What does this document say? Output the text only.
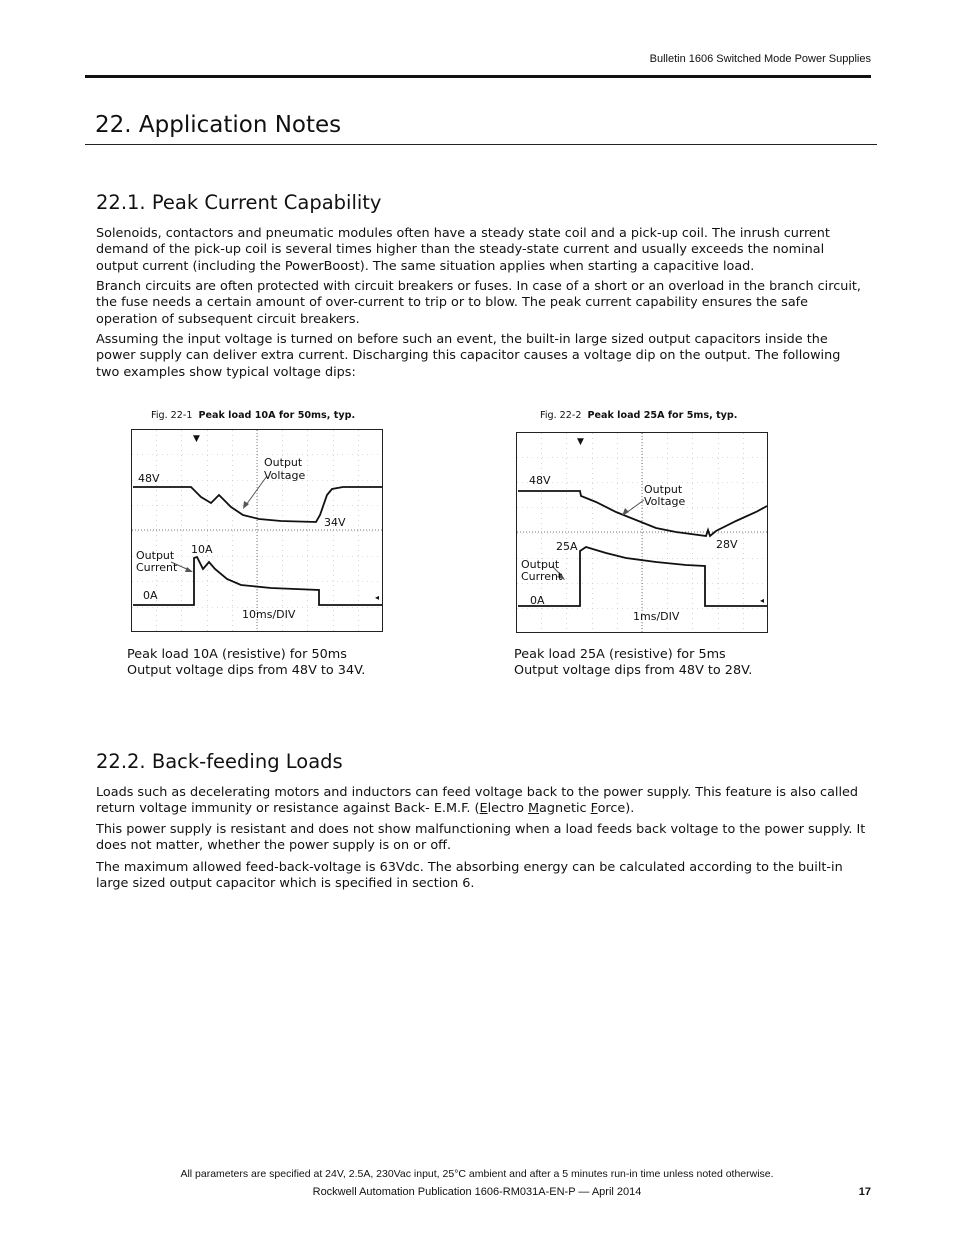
Bulletin 1606 Switched Mode Power Supplies
22. Application Notes
22.1. Peak Current Capability
Solenoids, contactors and pneumatic modules often have a steady state coil and a pick-up coil. The inrush current demand of the pick-up coil is several times higher than the steady-state current and usually exceeds the nominal output current (including the PowerBoost). The same situation applies when starting a capacitive load.
Branch circuits are often protected with circuit breakers or fuses. In case of a short or an overload in the branch circuit, the fuse needs a certain amount of over-current to trip or to blow. The peak current capability ensures the safe operation of subsequent circuit breakers.
Assuming the input voltage is turned on before such an event, the built-in large sized output capacitors inside the power supply can deliver extra current. Discharging this capacitor causes a voltage dip on the output. The following two examples show typical voltage dips:
Fig. 22-1 Peak load 10A for 50ms, typ.
▼
◂
48V
34V
Output
Voltage
Output
Current
10A
0A
10ms/DIV
Peak load 10A (resistive) for 50ms
Output voltage dips from 48V to 34V.
Fig. 22-2 Peak load 25A for 5ms, typ.
▼
◂
48V
28V
Output
Voltage
Output
Current
25A
0A
1ms/DIV
Peak load 25A (resistive) for 5ms
Output voltage dips from 48V to 28V.
22.2. Back-feeding Loads
Loads such as decelerating motors and inductors can feed voltage back to the power supply. This feature is also called return voltage immunity or resistance against Back- E.M.F. (Electro Magnetic Force).
This power supply is resistant and does not show malfunctioning when a load feeds back voltage to the power supply. It does not matter, whether the power supply is on or off.
The maximum allowed feed-back-voltage is 63Vdc. The absorbing energy can be calculated according to the built-in large sized output capacitor which is specified in section 6.
All parameters are specified at 24V, 2.5A, 230Vac input, 25°C ambient and after a 5 minutes run-in time unless noted otherwise.
Rockwell Automation Publication 1606-RM031A-EN-P — April 2014	17
